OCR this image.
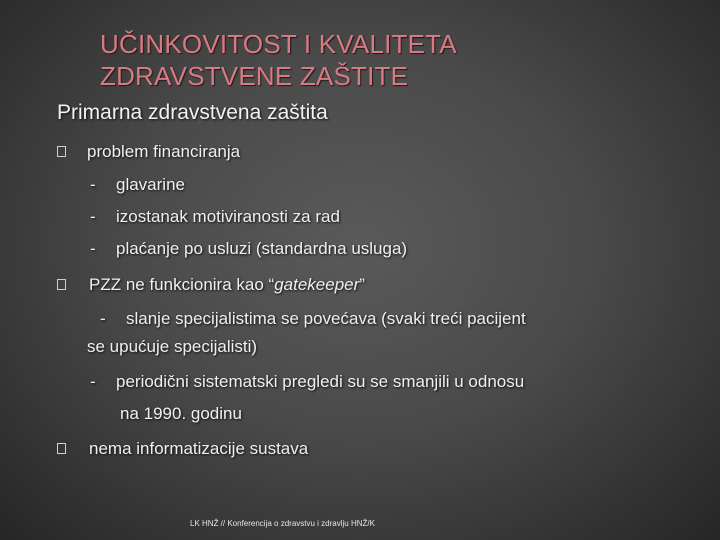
UČINKOVITOST I KVALITETA
ZDRAVSTVENE ZAŠTITE
Primarna zdravstvena zaštita
problem financiranja
- glavarine
- izostanak motiviranosti za rad
- plaćanje po usluzi (standardna usluga)
PZZ ne funkcionira kao “gatekeeper”
- slanje specijalistima se povećava (svaki treći pacijent
se upućuje specijalisti)
- periodični sistematski pregledi su se smanjili u odnosu
na 1990. godinu
nema informatizacije sustava
LK HNŽ // Konferencija o zdravstvu i zdravlju HNŽ/K
